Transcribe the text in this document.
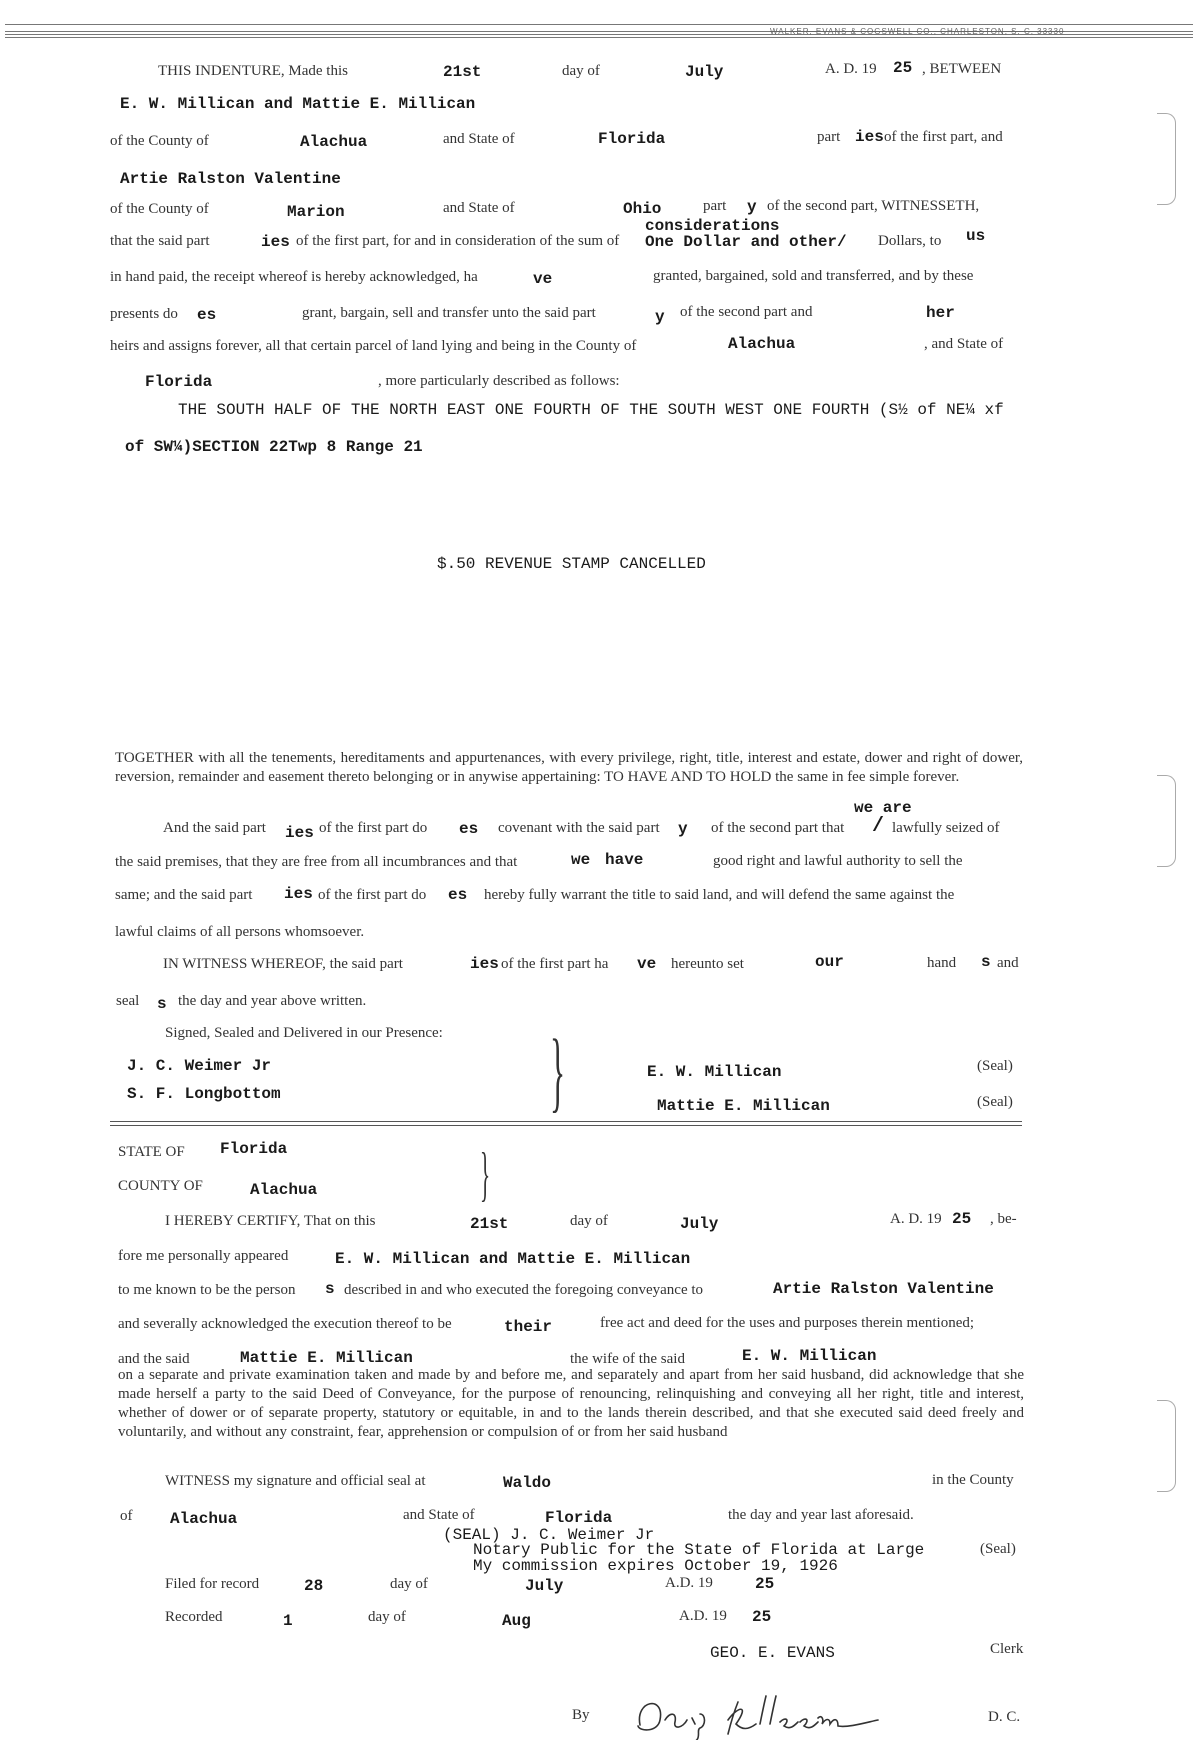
WALKER, EVANS & COGSWELL CO., CHARLESTON, S. C. 33330
THIS INDENTURE, Made this	21st	day of	July	A. D. 19 25 , BETWEEN
E. W. Millican and Mattie E. Millican
of the County of	Alachua	and State of	Florida	part ies of the first part, and
Artie Ralston Valentine
of the County of	Marion	and State of	Ohio	part y of the second part, WITNESSETH,
considerations
that the said part	ies of the first part, for and in consideration of the sum of One Dollar and other/ Dollars, to us
in hand paid, the receipt whereof is hereby acknowledged, ha	ve	granted, bargained, sold and transferred, and by these
presents do es	grant, bargain, sell and transfer unto the said part	y of the second part and	her
heirs and assigns forever, all that certain parcel of land lying and being in the County of	Alachua	, and State of
Florida	, more particularly described as follows:
THE SOUTH HALF OF THE NORTH EAST ONE FOURTH OF THE SOUTH WEST ONE FOURTH (S½ of NE¼ xf
of SW¼)SECTION 22Twp 8 Range 21
$.50 REVENUE STAMP CANCELLED
TOGETHER with all the tenements, hereditaments and appurtenances, with every privilege, right, title, interest and estate, dower and right of dower, reversion, remainder and easement thereto belonging or in anywise appertaining: TO HAVE AND TO HOLD the same in fee simple forever.
we are
And the said part ies of the first part do es covenant with the said part y of the second part that / lawfully seized of
the said premises, that they are free from all incumbrances and that	we have	good right and lawful authority to sell the
same; and the said part ies of the first part do es hereby fully warrant the title to said land, and will defend the same against the
lawful claims of all persons whomsoever.
IN WITNESS WHEREOF, the said part	ies of the first part ha ve hereunto set	our	hand s and
seal s the day and year above written.
Signed, Sealed and Delivered in our Presence:
J. C. Weimer Jr
S. F. Longbottom	}	E. W. Millican
Mattie E. Millican
(Seal)
(Seal)
STATE OF Florida
COUNTY OF	Alachua	}
I HEREBY CERTIFY, That on this	21st	day of	July	A. D. 19 25 , be-
fore me personally appeared	E. W. Millican and Mattie E. Millican
to me known to be the person s described in and who executed the foregoing conveyance to	Artie Ralston Valentine
and severally acknowledged the execution thereof to be	their	free act and deed for the uses and purposes therein mentioned;
and the said	Mattie E. Millican	the wife of the said	E. W. Millican
on a separate and private examination taken and made by and before me, and separately and apart from her said husband, did acknowledge that she made herself a party to the said Deed of Conveyance, for the purpose of renouncing, relinquishing and conveying all her right, title and interest, whether of dower or of separate property, statutory or equitable, in and to the lands therein described, and that she executed said deed freely and voluntarily, and without any constraint, fear, apprehension or compulsion of or from her said husband
WITNESS my signature and official seal at	Waldo	in the County
of Alachua	and State of	Florida	the day and year last aforesaid.
(SEAL) J. C. Weimer Jr
Notary Public for the State of Florida at Large	(Seal)
My commission expires October 19, 1926
Filed for record	28	day of	July	A.D. 19	25
Recorded	1	day of	Aug	A.D. 19 25
GEO. E. EVANS	Clerk
By	D. C.
